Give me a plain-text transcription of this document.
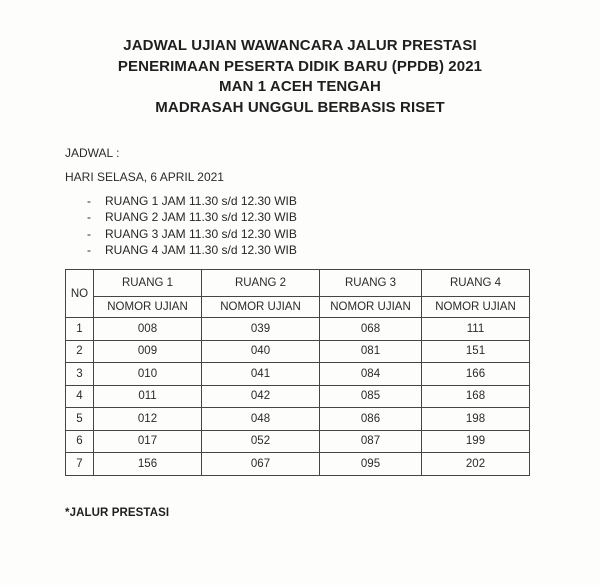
JADWAL UJIAN WAWANCARA JALUR PRESTASI
PENERIMAAN PESERTA DIDIK BARU (PPDB) 2021
MAN 1 ACEH TENGAH
MADRASAH UNGGUL BERBASIS RISET
JADWAL :
HARI SELASA, 6 APRIL 2021
-	RUANG 1 JAM 11.30 s/d 12.30 WIB
-	RUANG 2 JAM 11.30 s/d 12.30 WIB
-	RUANG 3 JAM 11.30 s/d 12.30 WIB
-	RUANG 4 JAM 11.30 s/d 12.30 WIB
NO	RUANG 1	RUANG 2	RUANG 3	RUANG 4
	NOMOR UJIAN	NOMOR UJIAN	NOMOR UJIAN	NOMOR UJIAN
1	008	039	068	111
2	009	040	081	151
3	010	041	084	166
4	011	042	085	168
5	012	048	086	198
6	017	052	087	199
7	156	067	095	202
*JALUR PRESTASI
